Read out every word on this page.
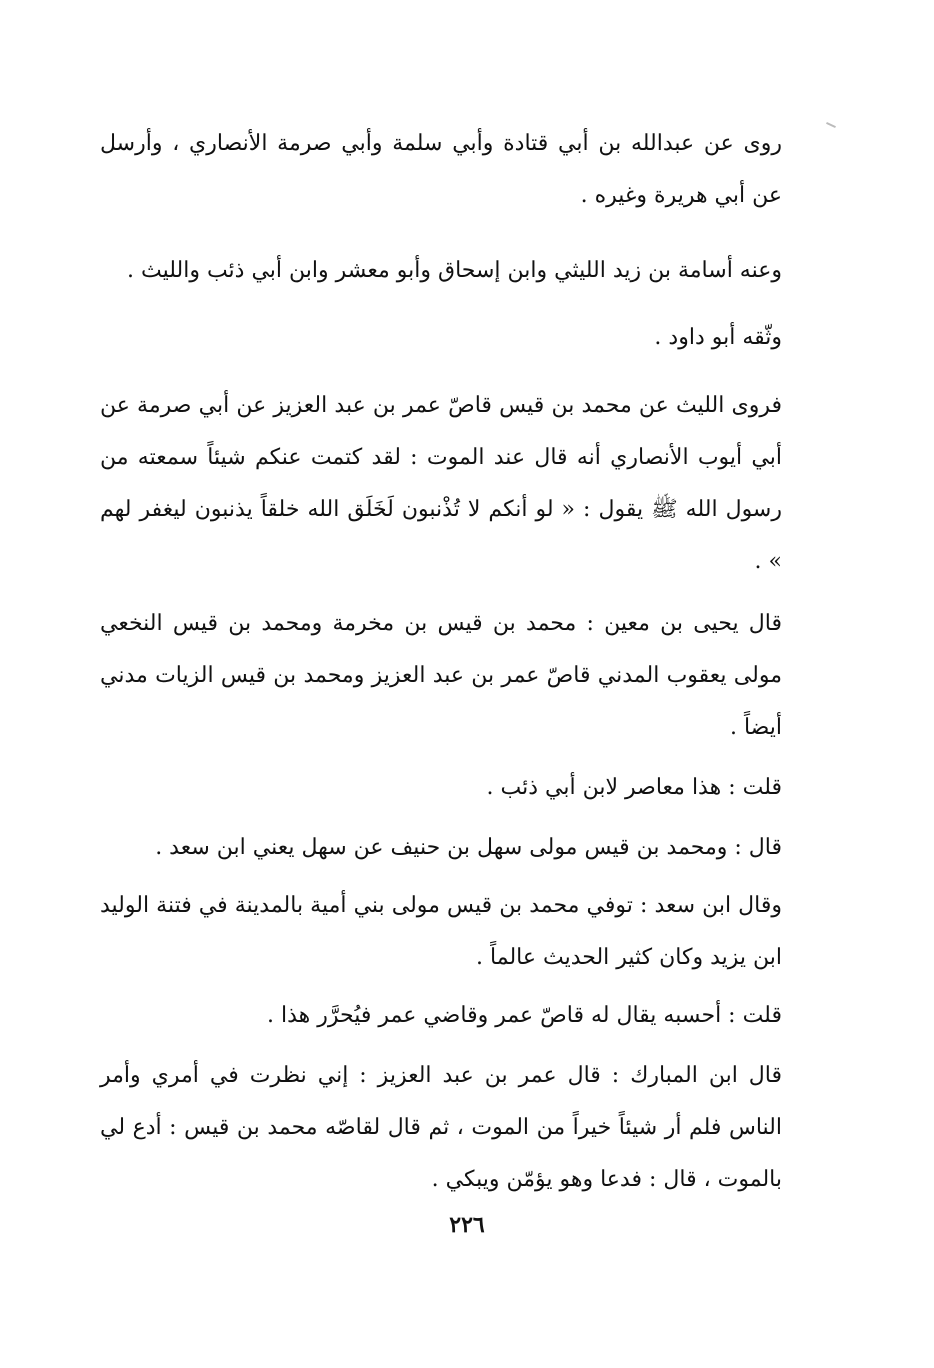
روى عن عبدالله بن أبي قتادة وأبي سلمة وأبي صرمة الأنصاري ، وأرسل عن أبي هريرة وغيره .

وعنه أسامة بن زيد الليثي وابن إسحاق وأبو معشر وابن أبي ذئب والليث .

وثّقه أبو داود .

فروى الليث عن محمد بن قيس قاصّ عمر بن عبد العزيز عن أبي صرمة عن أبي أيوب الأنصاري أنه قال عند الموت : لقد كتمت عنكم شيئاً سمعته من رسول الله ﷺ يقول : « لو أنكم لا تُذْنبون لَخَلَق الله خلقاً يذنبون ليغفر لهم » .

قال يحيى بن معين : محمد بن قيس بن مخرمة ومحمد بن قيس النخعي مولى يعقوب المدني قاصّ عمر بن عبد العزيز ومحمد بن قيس الزيات مدني أيضاً .

قلت : هذا معاصر لابن أبي ذئب .

قال : ومحمد بن قيس مولى سهل بن حنيف عن سهل يعني ابن سعد .

وقال ابن سعد : توفي محمد بن قيس مولى بني أمية بالمدينة في فتنة الوليد ابن يزيد وكان كثير الحديث عالماً .

قلت : أحسبه يقال له قاصّ عمر وقاضي عمر فيُحرَّر هذا .

قال ابن المبارك : قال عمر بن عبد العزيز : إني نظرت في أمري وأمر الناس فلم أر شيئاً خيراً من الموت ، ثم قال لقاصّه محمد بن قيس : أدع لي بالموت ، قال : فدعا وهو يؤمّن ويبكي .

٢٢٦
